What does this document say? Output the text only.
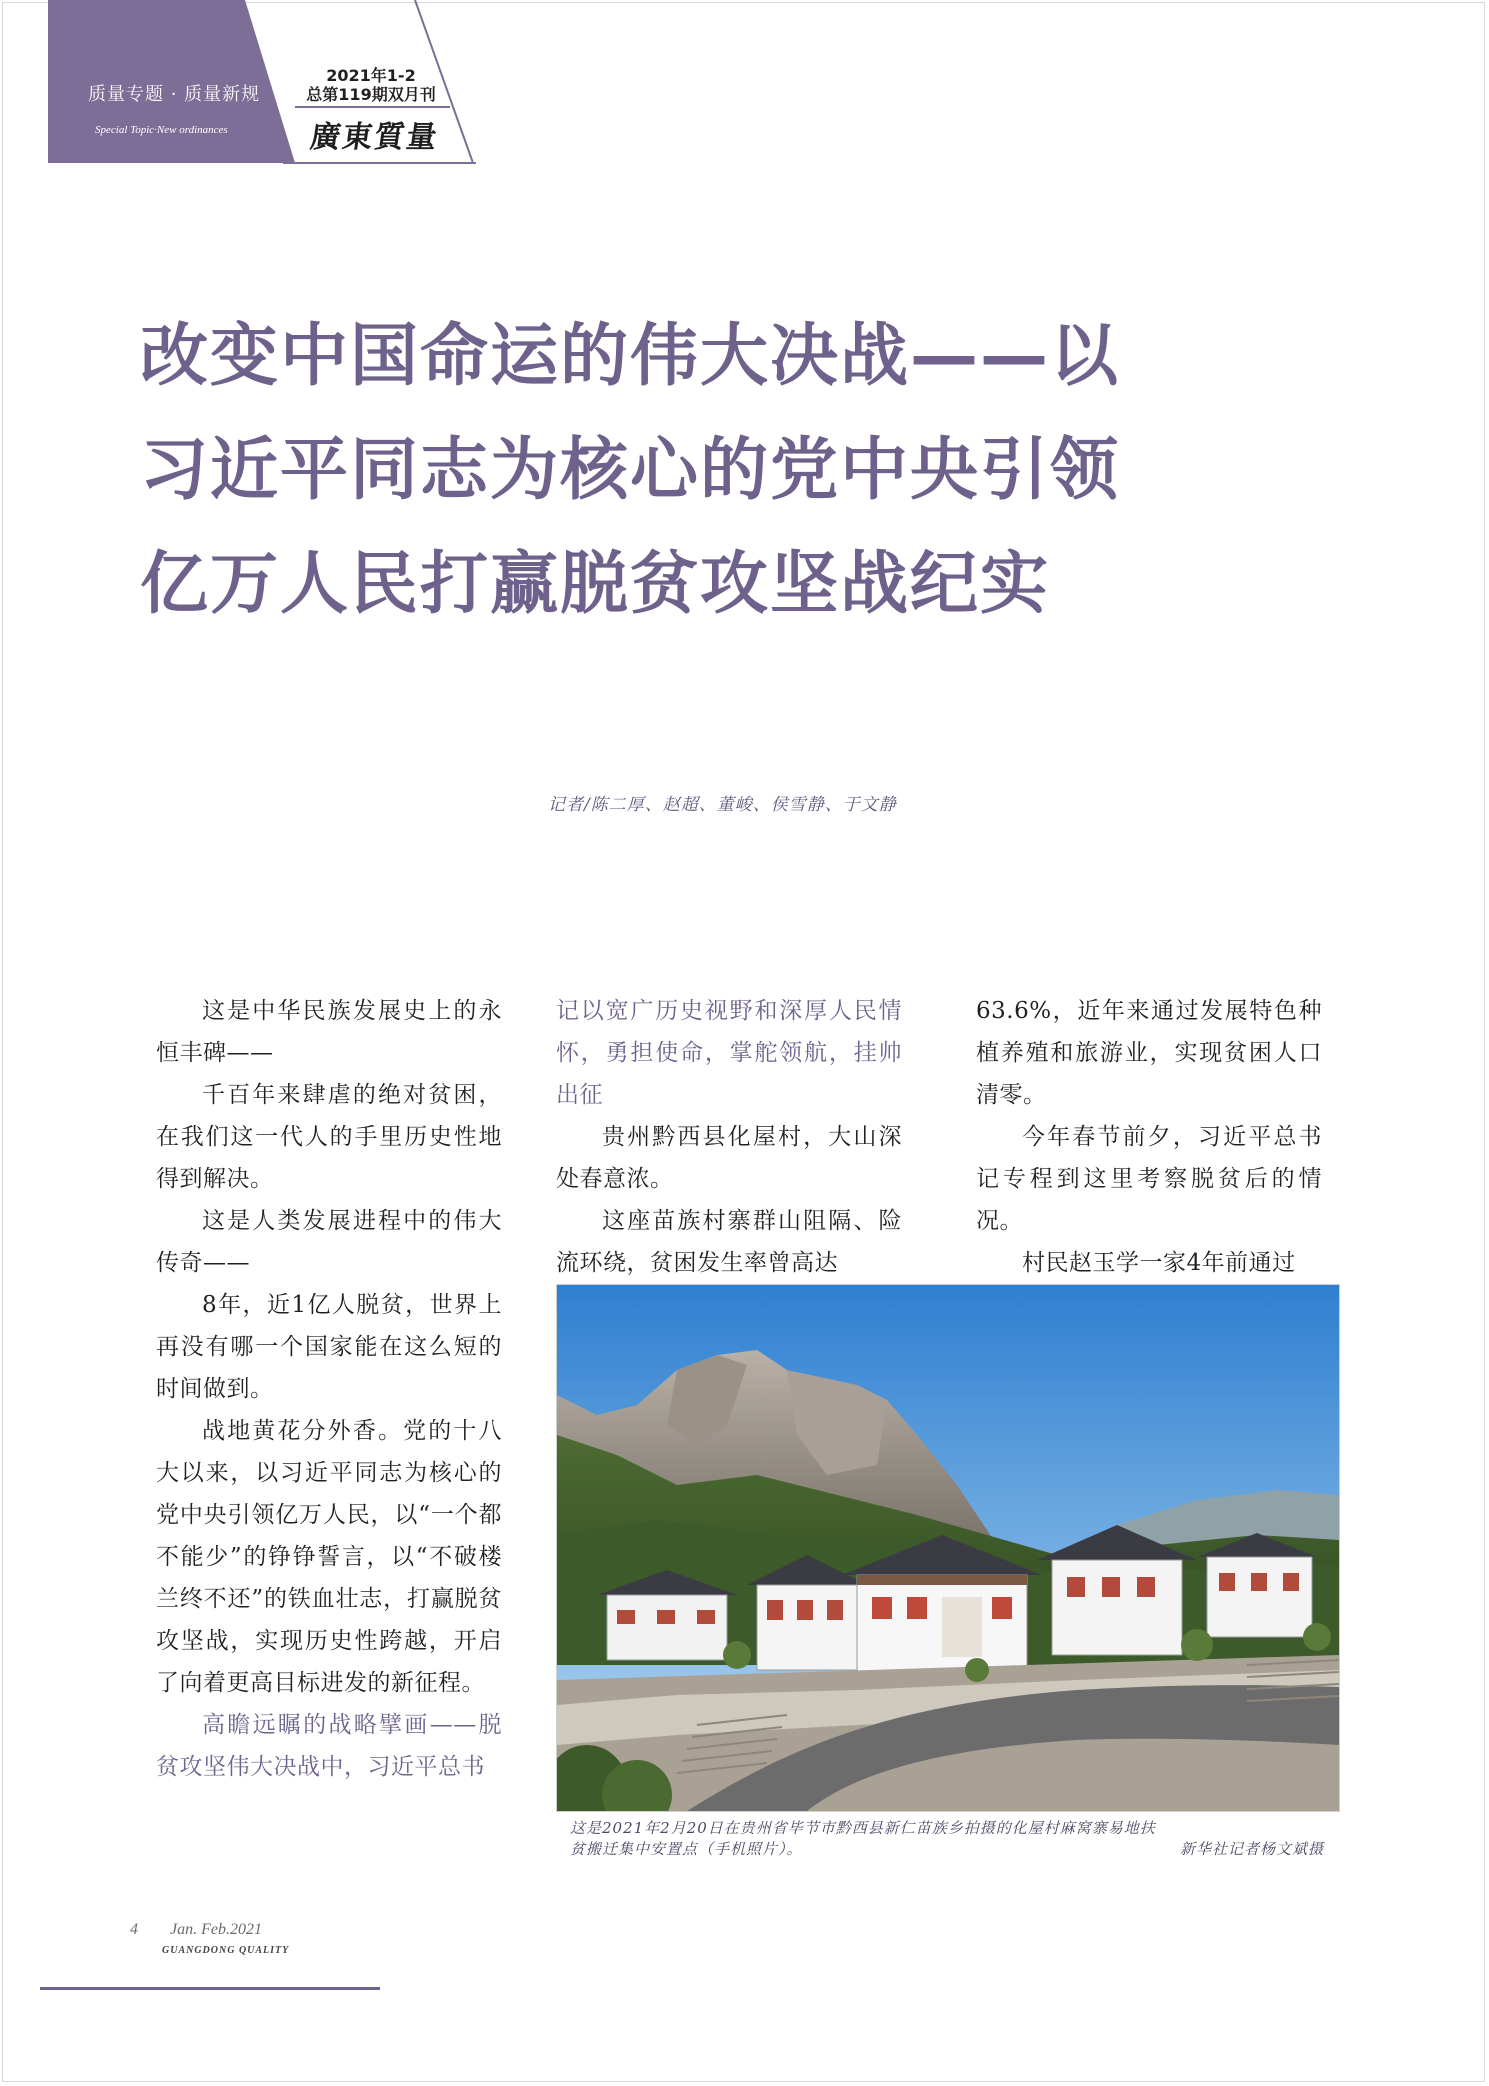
质量专题 · 质量新规
Special Topic·New ordinances
2021年1-2
总第119期双月刊
廣東質量
改变中国命运的伟大决战——以
习近平同志为核心的党中央引领
亿万人民打赢脱贫攻坚战纪实
记者/陈二厚、赵超、董峻、侯雪静、于文静

这是中华民族发展史上的永恒丰碑——

千百年来肆虐的绝对贫困，在我们这一代人的手里历史性地得到解决。

这是人类发展进程中的伟大传奇——

8年，近1亿人脱贫，世界上再没有哪一个国家能在这么短的时间做到。

战地黄花分外香。党的十八大以来，以习近平同志为核心的党中央引领亿万人民，以“一个都不能少”的铮铮誓言，以“不破楼兰终不还”的铁血壮志，打赢脱贫攻坚战，实现历史性跨越，开启了向着更高目标进发的新征程。

高瞻远瞩的战略擘画——脱贫攻坚伟大决战中，习近平总书

记以宽广历史视野和深厚人民情怀，勇担使命，掌舵领航，挂帅出征

贵州黔西县化屋村，大山深处春意浓。

这座苗族村寨群山阻隔、险流环绕，贫困发生率曾高达

63.6%，近年来通过发展特色种植养殖和旅游业，实现贫困人口清零。

今年春节前夕，习近平总书记专程到这里考察脱贫后的情况。

村民赵玉学一家4年前通过

这是2021年2月20日在贵州省毕节市黔西县新仁苗族乡拍摄的化屋村麻窝寨易地扶
贫搬迁集中安置点（手机照片）。	新华社记者杨文斌摄
4 Jan. Feb.2021
GUANGDONG QUALITY
